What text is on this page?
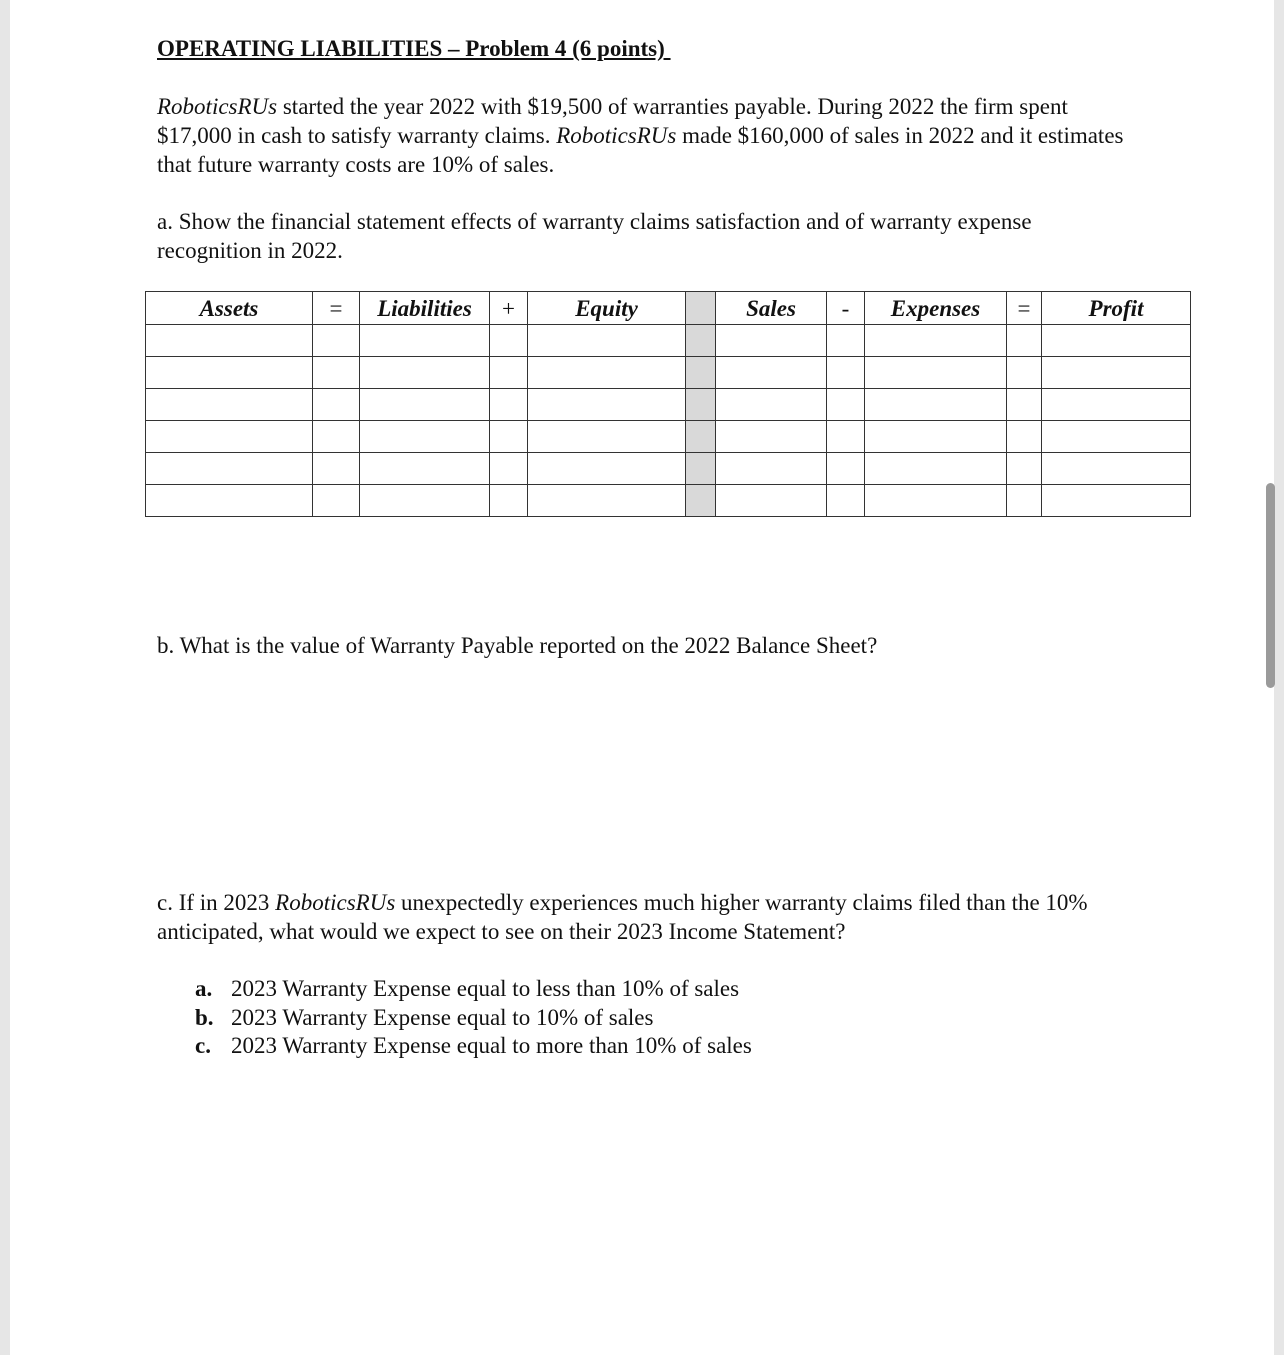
OPERATING LIABILITIES – Problem 4 (6 points)

RoboticsRUs started the year 2022 with $19,500 of warranties payable. During 2022 the firm spent $17,000 in cash to satisfy warranty claims. RoboticsRUs made $160,000 of sales in 2022 and it estimates that future warranty costs are 10% of sales.

a. Show the financial statement effects of warranty claims satisfaction and of warranty expense recognition in 2022.

Assets	=	Liabilities	+	Equity		Sales	-	Expenses	=	Profit

b. What is the value of Warranty Payable reported on the 2022 Balance Sheet?

c. If in 2023 RoboticsRUs unexpectedly experiences much higher warranty claims filed than the 10% anticipated, what would we expect to see on their 2023 Income Statement?

a. 2023 Warranty Expense equal to less than 10% of sales
b. 2023 Warranty Expense equal to 10% of sales
c. 2023 Warranty Expense equal to more than 10% of sales
